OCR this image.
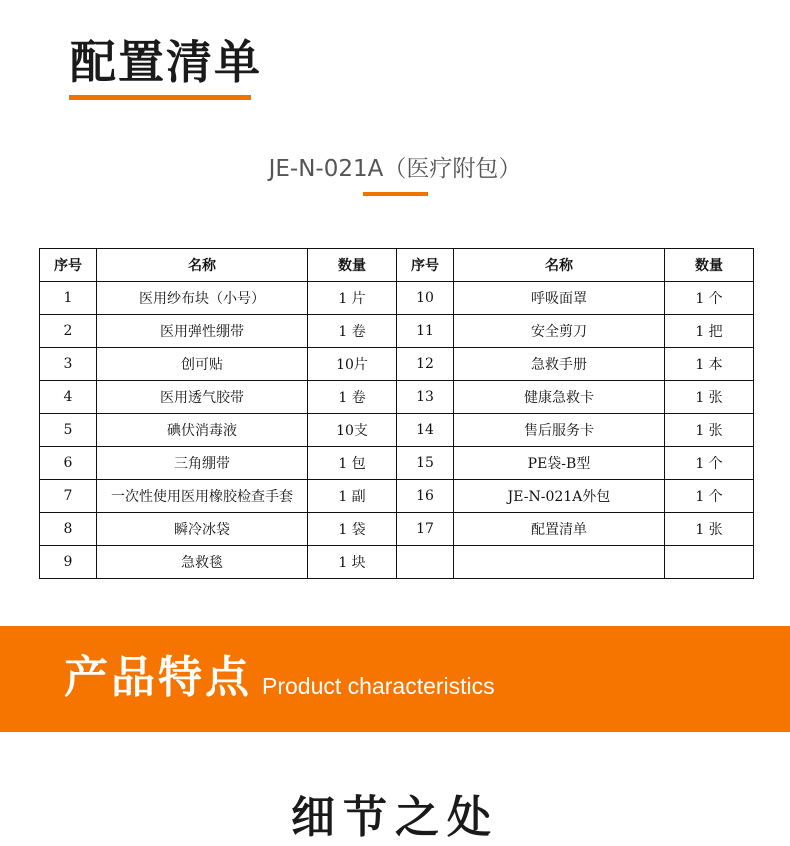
配置清单
JE-N-021A（医疗附包）
序号	名称	数量	序号	名称	数量
1	医用纱布块（小号）	1 片	10	呼吸面罩	1 个
2	医用弹性绷带	1 卷	11	安全剪刀	1 把
3	创可贴	10片	12	急救手册	1 本
4	医用透气胶带	1 卷	13	健康急救卡	1 张
5	碘伏消毒液	10支	14	售后服务卡	1 张
6	三角绷带	1 包	15	PE袋-B型	1 个
7	一次性使用医用橡胶检查手套	1 副	16	JE-N-021A外包	1 个
8	瞬冷冰袋	1 袋	17	配置清单	1 张
9	急救毯	1 块			
产品特点 Product characteristics
细节之处
